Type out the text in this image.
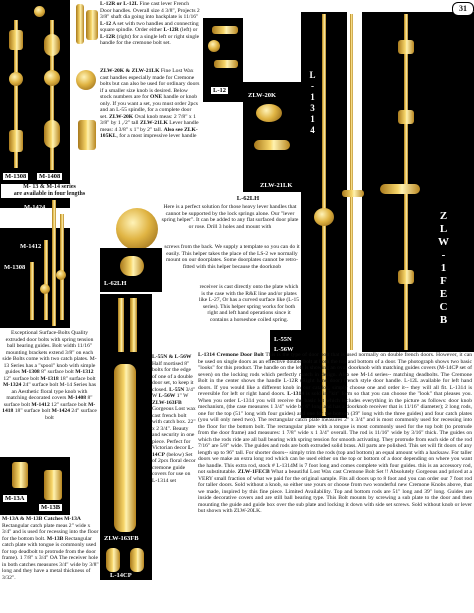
M-1308	M-1408
M- 13 & M-14 series
are available in four lengths
M-1424
M-1418
M-1412
M-1308
Exceptional Surface-Bolts Quality extruded door bolts with spring tension ball bearing guides. Bolt width 11/16" mounting brackets extend 3/8" on each side Bolts come with two catch plates. M-13 Series has a "spool" knob with simple guides M-1308 8" surface bolt M-1312 12" surface bolt M-1318 18" surface bolt M-1324 24" surface bolt M-14 Series has an Aesthetic floral type knob with matching decorated covers M-1408 8" surface bolt M-1412 12" surface bolt M-1418 18" surface bolt M-1424 24" surface bolt
M-13A
M-13B
M-13A & M-13B Catches M-13A Rectangular catch plate meas 2" wide x 3/4" and is used for recessing into the floor for the bottom bolt. M-13B Rectangular catch plate with tongue is commonly used for top deadbolt to protrude from the door frame). 1 7/8" x 3/4" OA The receiver hole in both catches measures 3/4" wide by 3/8" long and they have a metal thickness of 3/32".
L-12R or L-12L Fine cast lever French Door handles. Overall size 4 3/8", Projects 2 3/8" shaft dia going into backplate is 11/16" L-12 A set with two handles and connecting square spindle. Order either L-12R (left) or L-12R (right) for a single left or right single handle for the cremone bolt set.
ZLW-20K & ZLW-21LK Fine Lost Wax cast handles especially made for Cremone bolts but can also be used for ordinary doors if a smaller size knob is desired. Below stock numbers are for ONE handle or knob only. If you want a set, you must order 2pcs and an L-55 spindle, for a complete door set. ZLW-20K Oval knob meas: 2 7/8" x 1 3/8" by 1 ,/2" tall ZLW-21LK Lever handle meas: 4 3/8" x 1" by 2" tall. Also see ZLK-105KL, for a most impressive lever handle
L-12
ZLW-20K
ZLW-21LK
L-1314
ZLW-1FECB
31
L-62LH
Here is a perfect solution for those heavy lever handles that cannot be supported by the lock springs alone. Our "lever spring helper". It can be added to any flat surfaced door plate or rose. Drill 3 holes and mount with
L-62LH
screws from the back. We supply a template so you can do it easily. This helper takes the place of the LS-2 we normally mount on our doorplates. Some doorplates cannot be retro-fitted with this helper because the doorknob
receiver is cast directly onto the plate which is the case with the R&E line and/or plates like L-27, Or has a curved surface like (L-15 series). This helper spring works for both right and left hand operations since it contains a horseshoe coiled spring.
ZLW-163FB
L-14CP
L-55N & L-56W Half mortised 8" bolts for the edge of one of a double door set, to keep it closed. L-55N 3/4" W L-56W 1" W ZLW-163FB Gorgeous Lost wax cast french bolt with catch box. 22" x 2 3/4". Beauty and security in one piece. Perfect for Victorian decor L-14CP (below) Set of 2pcs floral decor cremone guide covers for use on L-1314 set
L-55N
L-56W
L-1314 Cremone Door Bolt This is the type of door bolt that is used normally on double french doors. However, it can be used on single doors as an effective double bolt at both the top and bottom of a door. The photograph shows two basic "looks" for this product. The handle on the left is showing an oval doorknob with matching guides covers (M-14CP set of seven) on the locking rods which perfectly match in design. Also see M-14 series-- matching deadbolts. The Cremone Bolt in the center shows the handle L-12R (Right hand door) french style door handle. L-12L available for left hand doors. If you would like a different knob in our catalog, simply choose one and order it-- they will all fit. L-1314 is reversible for left or right hand doors. L-1314 is sold in "kit" form so that you can choose the "look" that pleases you. When you order L-1314 you will receive the basic kit which includes everything in the picture as follows: door knob mechanism, (the case measures 1 3/4" wide by 6" long and has a doorknob receiver that is 11/16" diameter); 2 long rods, one for the top (51" long with four guides) and one for the bottom (39" long with the three guides) and four catch plates (you will only need two). The rectangular catch plate measures 2" x 3/4" and is most commonly used for recessing into the floor for the bottom bolt. The rectangular plate with a tongue is most commonly used for the top bolt (to protrude from the door frame) and measures: 1 7/8" wide x 1 3/4" overall. The rod is 11/16" wide by 3/16" thick. The guides on which the rods ride are all ball bearing with spring tension for smooth activating. They protrude from each side of the rod 7/16" are 5/8" wide. The guides and rods are both extruded solid brass. All parts are polished. This set will fit doors of any length up to 96" tall. For shorter doors-- simply trim the rods (top and bottom) an equal amount with a hacksaw. For taller doors we make an extra long rod which can be used either on the top or bottom of a door depending on where you want the handle. This extra rod, stock # L-1314M is 7 foot long and comes complete with four guides. this is an accessory rod, not substitutable. ZLW-1FECB What a beautiful Lost Wax cast Cremone Bolt Set !! Absolutely Gorgeous and priced at a VERY small fraction of what we paid for the original sample. Fits all doors up to 8 foot and you can order our 7 foot rod for taller doors. Sold without a knob, so either use yours or choose from two wonderful new Cremone Knobs above, that we made, inspired by this fine piece. Limited Availability. Top and bottom rods are 51" long and 39" long. Guides are inside decorative covers and are still ball bearing type. This Bolt mounts by screwing a sub plate to the door and then mounting the guide and guide box over the sub plate and locking it down with side set screws. Sold without knob or lever but shown with ZLW-20LK.
